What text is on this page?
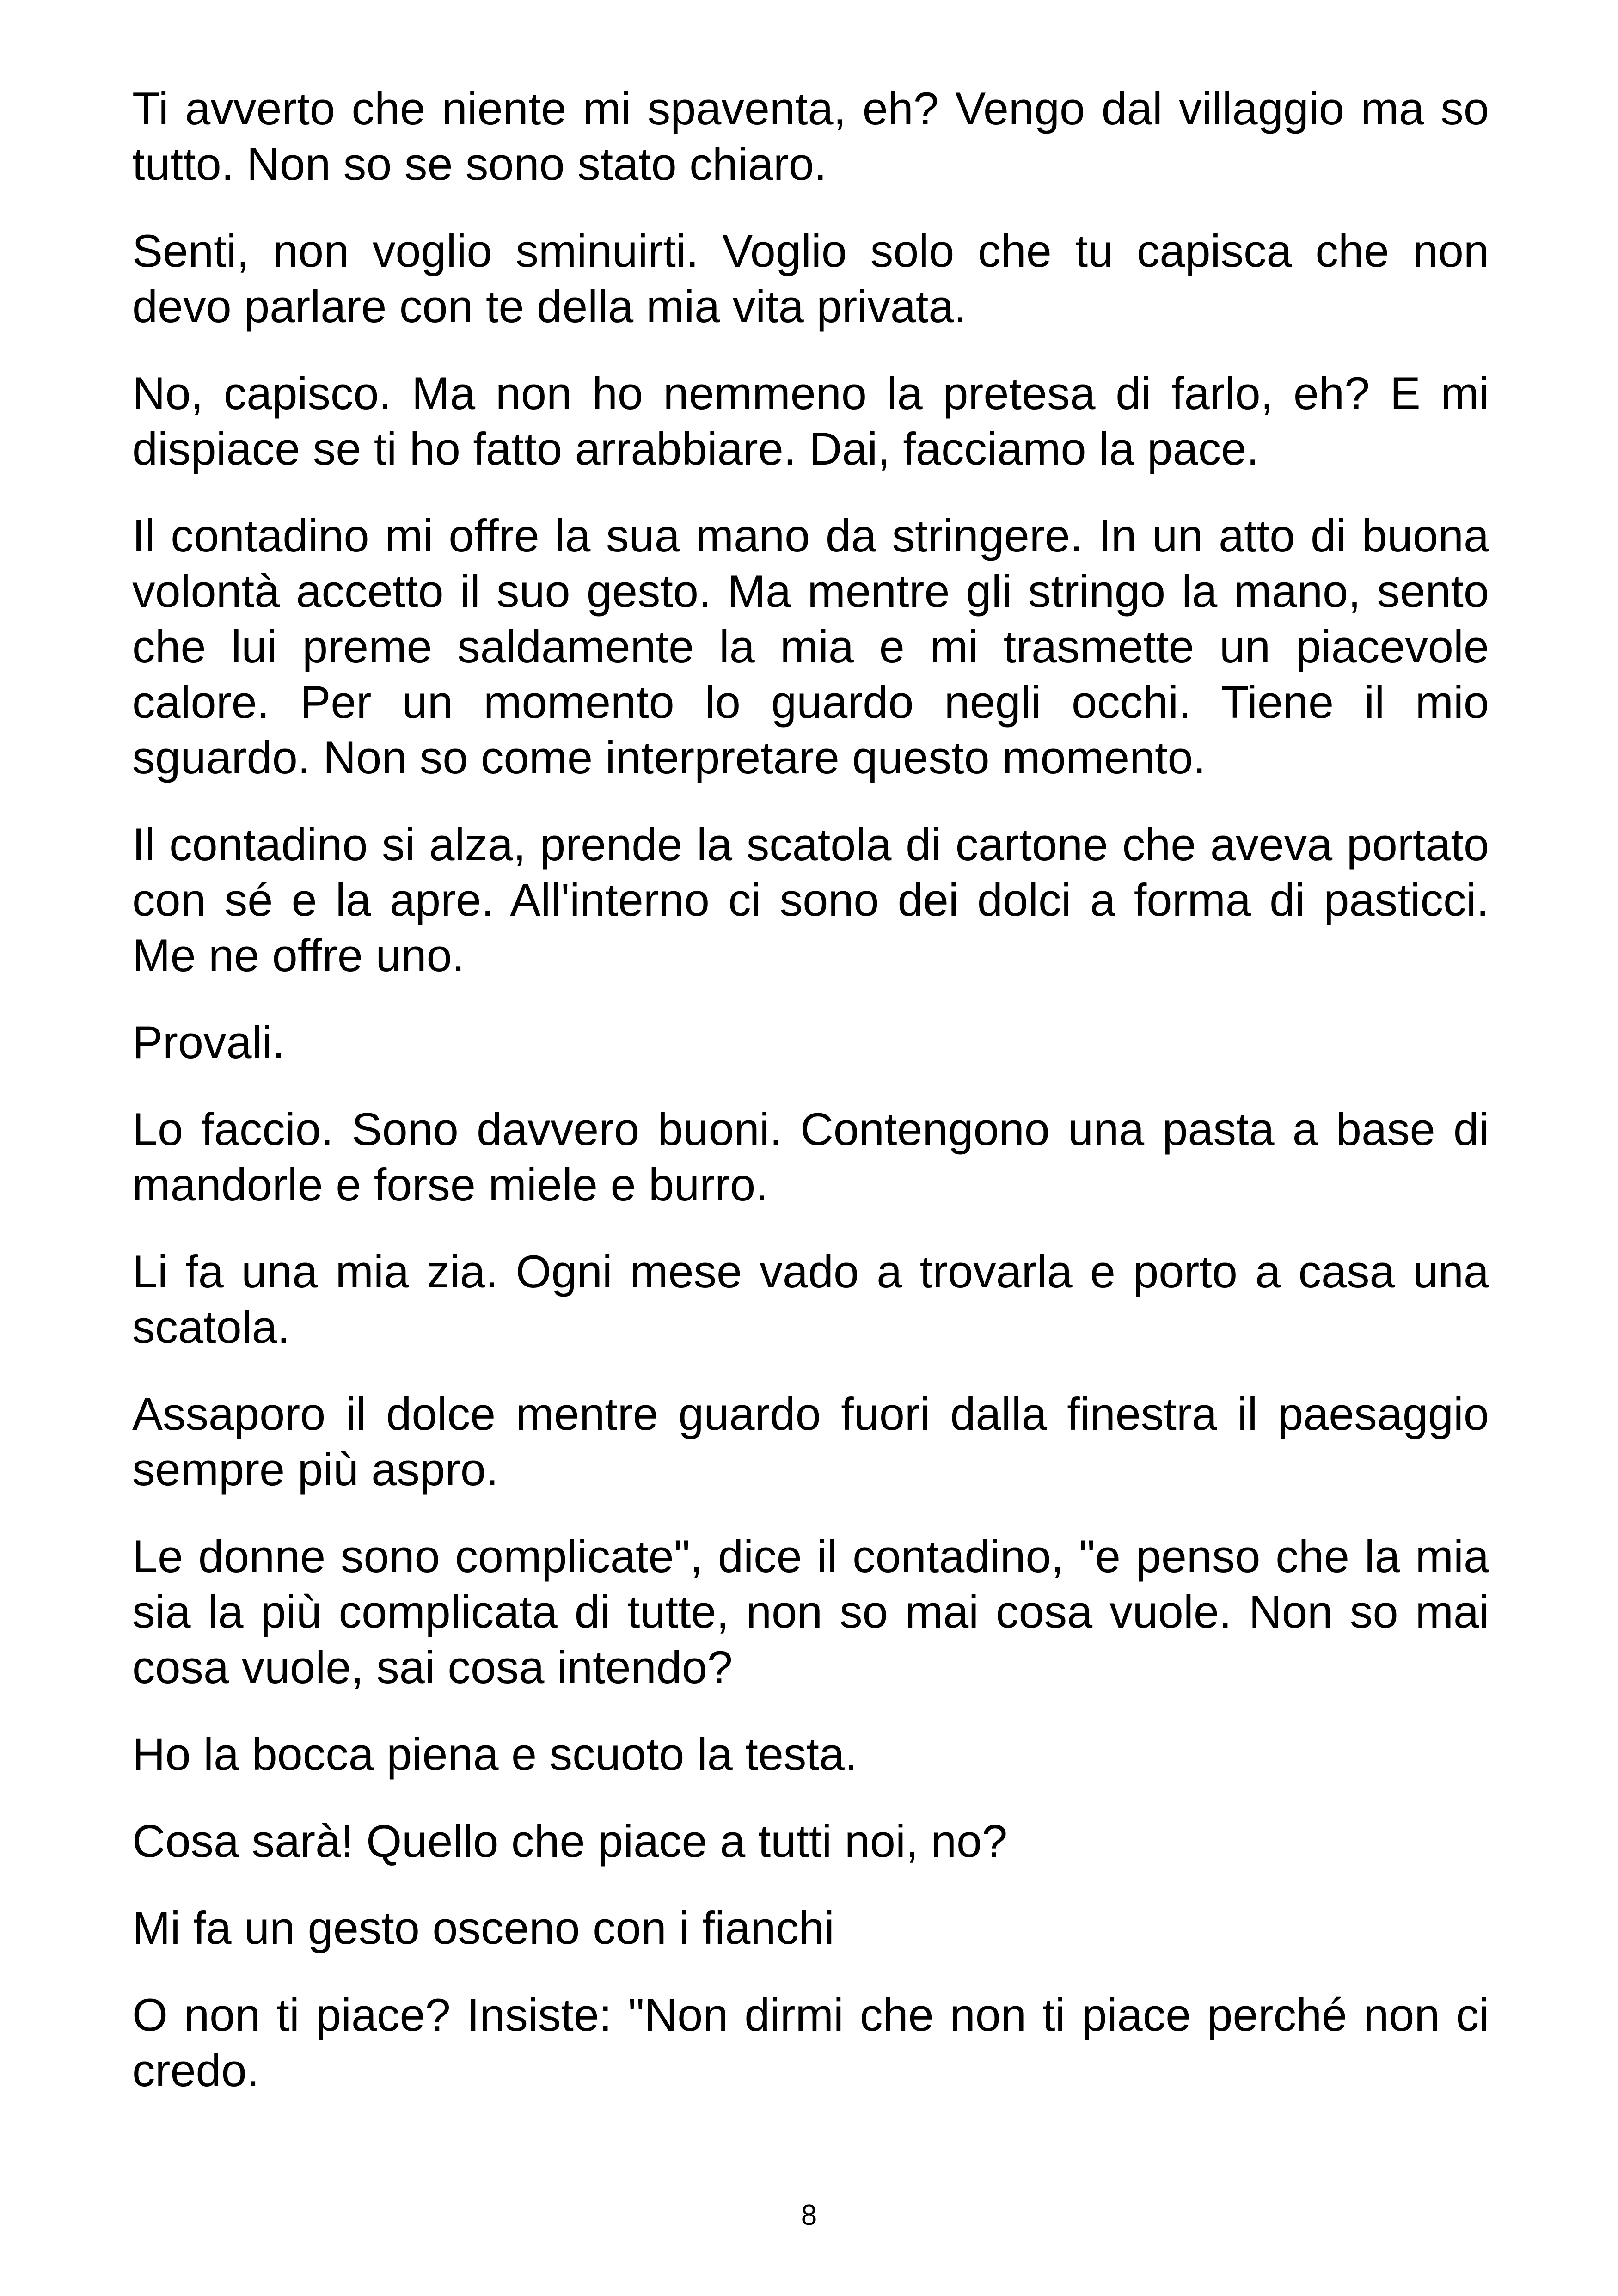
Ti avverto che niente mi spaventa, eh? Vengo dal villaggio ma so tutto. Non so se sono stato chiaro.

Senti, non voglio sminuirti. Voglio solo che tu capisca che non devo parlare con te della mia vita privata.

No, capisco. Ma non ho nemmeno la pretesa di farlo, eh? E mi dispiace se ti ho fatto arrabbiare. Dai, facciamo la pace.

Il contadino mi offre la sua mano da stringere. In un atto di buona volontà accetto il suo gesto. Ma mentre gli stringo la mano, sento che lui preme saldamente la mia e mi trasmette un piacevole calore. Per un momento lo guardo negli occhi. Tiene il mio sguardo. Non so come interpretare questo momento.

Il contadino si alza, prende la scatola di cartone che aveva portato con sé e la apre. All'interno ci sono dei dolci a forma di pasticci. Me ne offre uno.

Provali.

Lo faccio. Sono davvero buoni. Contengono una pasta a base di mandorle e forse miele e burro.

Li fa una mia zia. Ogni mese vado a trovarla e porto a casa una scatola.

Assaporo il dolce mentre guardo fuori dalla finestra il paesaggio sempre più aspro.

Le donne sono complicate", dice il contadino, "e penso che la mia sia la più complicata di tutte, non so mai cosa vuole. Non so mai cosa vuole, sai cosa intendo?

Ho la bocca piena e scuoto la testa.

Cosa sarà! Quello che piace a tutti noi, no?

Mi fa un gesto osceno con i fianchi

O non ti piace? Insiste: "Non dirmi che non ti piace perché non ci credo.

8
